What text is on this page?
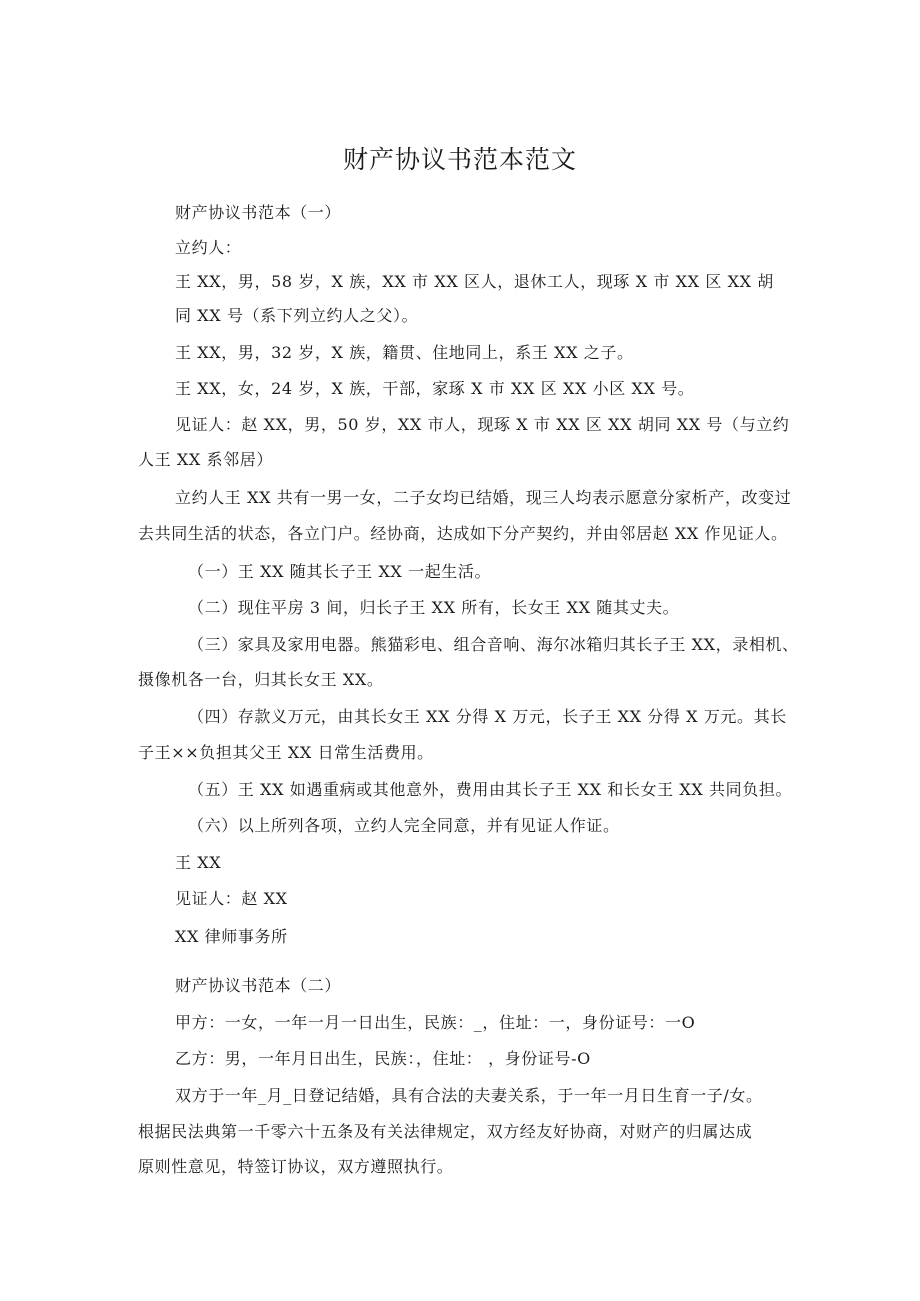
财产协议书范本范文
财产协议书范本（一）
立约人：
王 XX，男，58 岁，X 族，XX 市 XX 区人，退休工人，现琢 X 市 XX 区 XX 胡
同 XX 号（系下列立约人之父）。
王 XX，男，32 岁，X 族，籍贯、住地同上，系王 XX 之子。
王 XX，女，24 岁，X 族，干部，家琢 X 市 XX 区 XX 小区 XX 号。
见证人：赵 XX，男，50 岁，XX 市人，现琢 X 市 XX 区 XX 胡同 XX 号（与立约
人王 XX 系邻居）
立约人王 XX 共有一男一女，二子女均已结婚，现三人均表示愿意分家析产，改变过
去共同生活的状态，各立门户。经协商，达成如下分产契约，并由邻居赵 XX 作见证人。
（一）王 XX 随其长子王 XX 一起生活。
（二）现住平房 3 间，归长子王 XX 所有，长女王 XX 随其丈夫。
（三）家具及家用电器。熊猫彩电、组合音响、海尔冰箱归其长子王 XX，录相机、
摄像机各一台，归其长女王 XX。
（四）存款义万元，由其长女王 XX 分得 X 万元，长子王 XX 分得 X 万元。其长
子王××负担其父王 XX 日常生活费用。
（五）王 XX 如遇重病或其他意外，费用由其长子王 XX 和长女王 XX 共同负担。
（六）以上所列各项，立约人完全同意，并有见证人作证。
王 XX
见证人：赵 XX
XX 律师事务所
财产协议书范本（二）
甲方：一女，一年一月一日出生，民族：_，住址：一，身份证号：一O
乙方：男，一年月日出生，民族：，住址： ，身份证号-O
双方于一年_月_日登记结婚，具有合法的夫妻关系，于一年一月日生育一子/女。
根据民法典第一千零六十五条及有关法律规定，双方经友好协商，对财产的归属达成
原则性意见，特签订协议，双方遵照执行。
